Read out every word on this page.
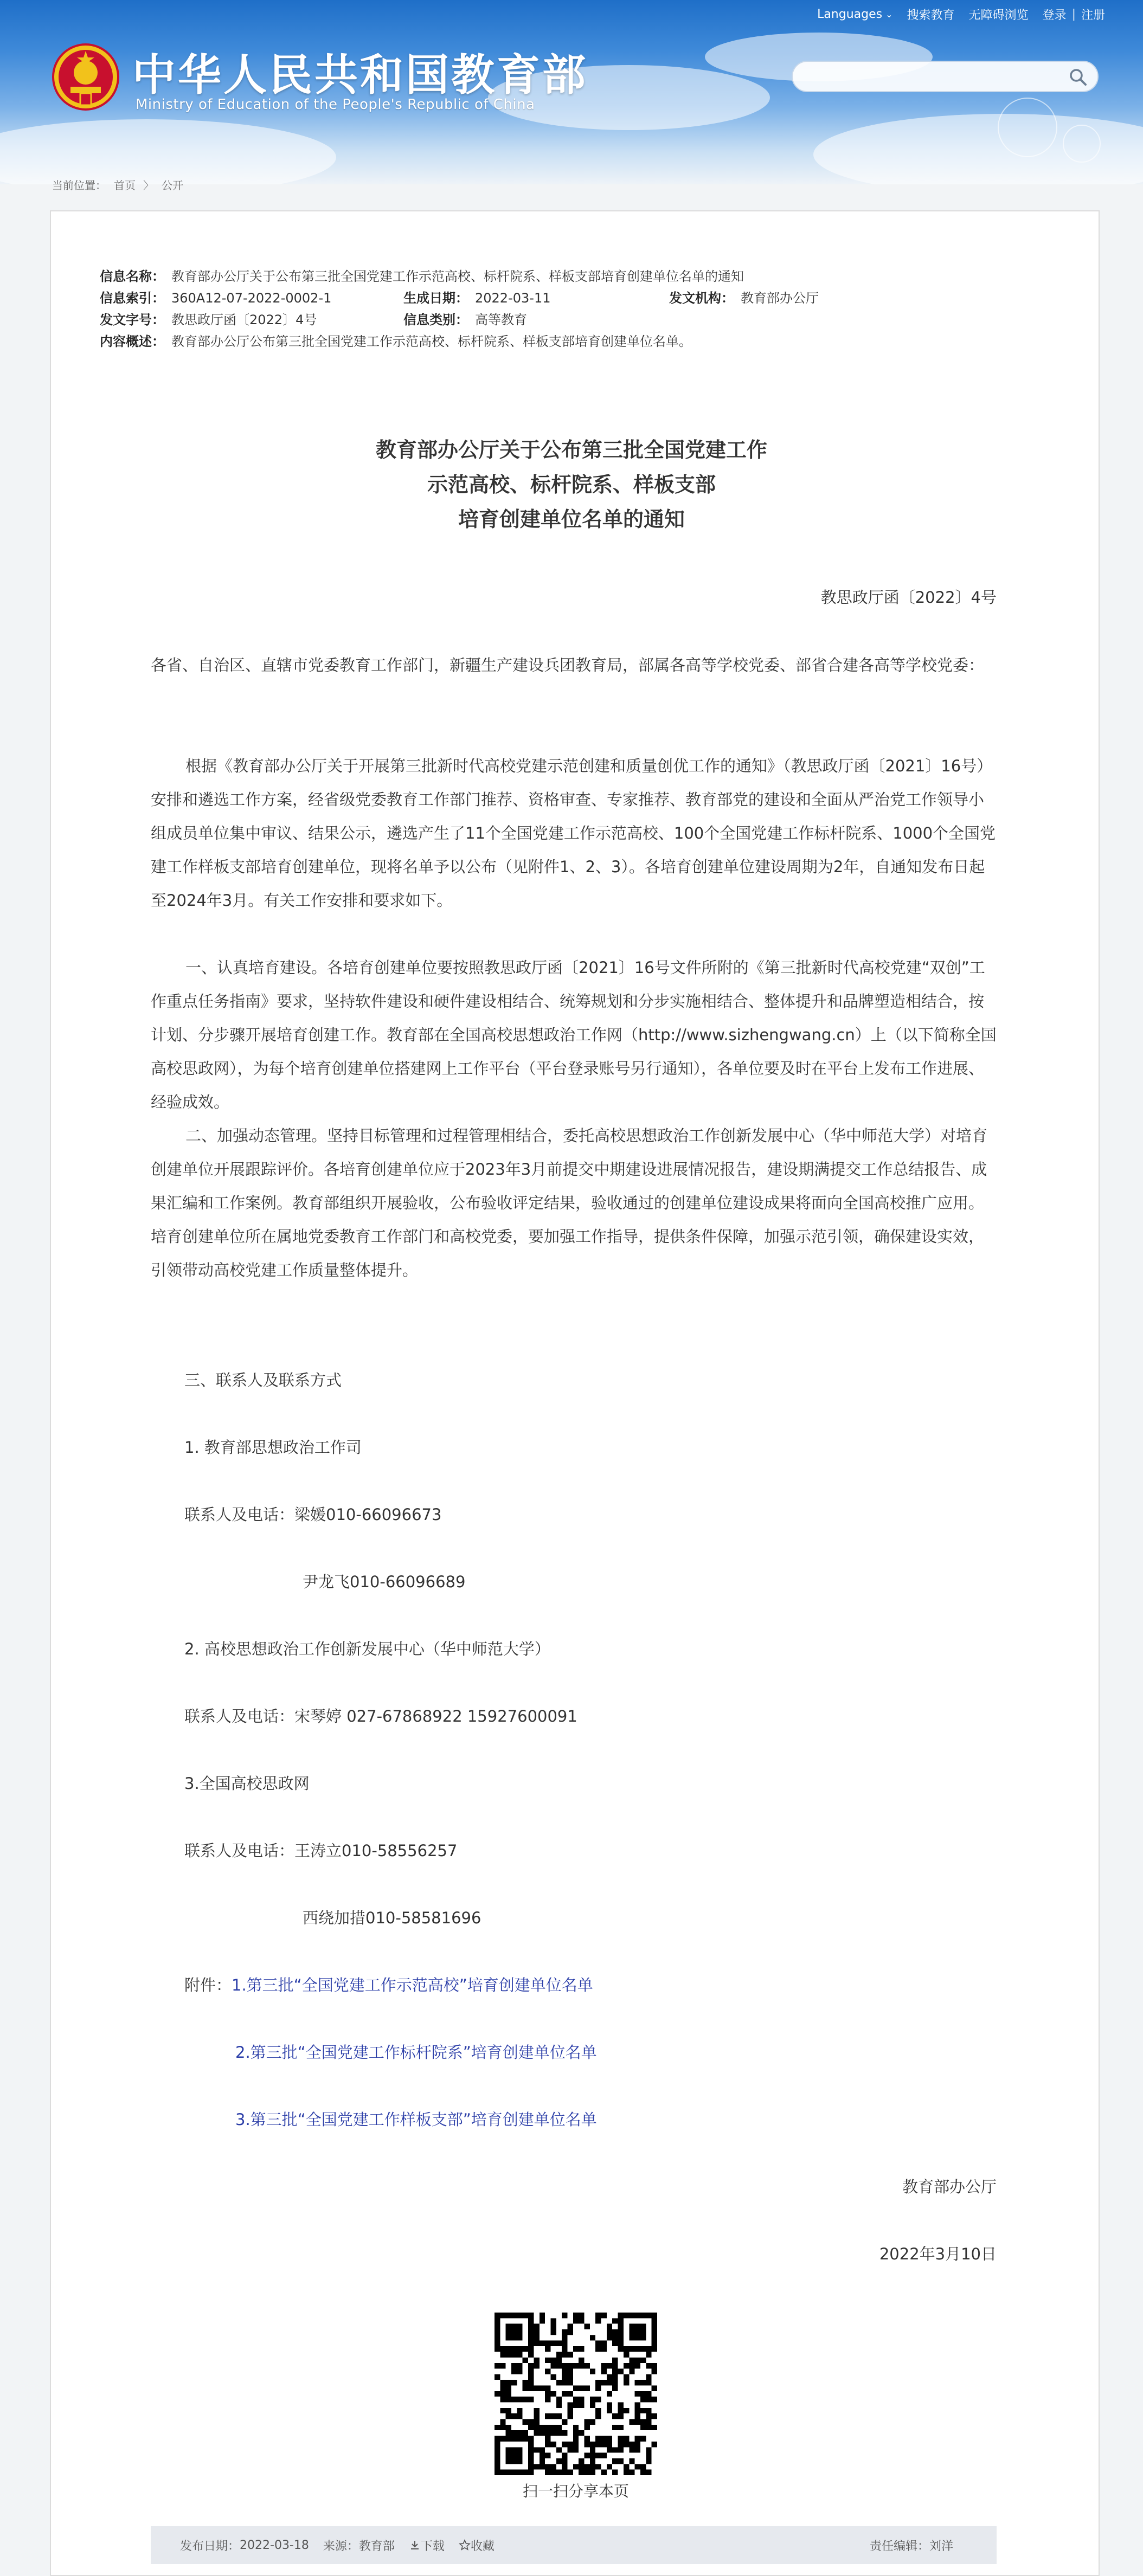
Languages ⌄ 搜索教育 无障碍浏览 登录 | 注册
中华人民共和国教育部
Ministry of Education of the People's Republic of China
当前位置： 首页 〉 公开
信息名称： 教育部办公厅关于公布第三批全国党建工作示范高校、标杆院系、样板支部培育创建单位名单的通知
信息索引： 360A12-07-2022-0002-1	生成日期： 2022-03-11	发文机构： 教育部办公厅
发文字号： 教思政厅函〔2022〕4号	信息类别： 高等教育
内容概述： 教育部办公厅公布第三批全国党建工作示范高校、标杆院系、样板支部培育创建单位名单。
教育部办公厅关于公布第三批全国党建工作
示范高校、标杆院系、样板支部
培育创建单位名单的通知
教思政厅函〔2022〕4号
各省、自治区、直辖市党委教育工作部门，新疆生产建设兵团教育局，部属各高等学校党委、部省合建各高等学校党委：
根据《教育部办公厅关于开展第三批新时代高校党建示范创建和质量创优工作的通知》（教思政厅函〔2021〕16号）安排和遴选工作方案，经省级党委教育工作部门推荐、资格审查、专家推荐、教育部党的建设和全面从严治党工作领导小组成员单位集中审议、结果公示，遴选产生了11个全国党建工作示范高校、100个全国党建工作标杆院系、1000个全国党建工作样板支部培育创建单位，现将名单予以公布（见附件1、2、3）。各培育创建单位建设周期为2年，自通知发布日起至2024年3月。有关工作安排和要求如下。
一、认真培育建设。各培育创建单位要按照教思政厅函〔2021〕16号文件所附的《第三批新时代高校党建“双创”工作重点任务指南》要求，坚持软件建设和硬件建设相结合、统筹规划和分步实施相结合、整体提升和品牌塑造相结合，按计划、分步骤开展培育创建工作。教育部在全国高校思想政治工作网（http://www.sizhengwang.cn）上（以下简称全国高校思政网），为每个培育创建单位搭建网上工作平台（平台登录账号另行通知），各单位要及时在平台上发布工作进展、经验成效。
二、加强动态管理。坚持目标管理和过程管理相结合，委托高校思想政治工作创新发展中心（华中师范大学）对培育创建单位开展跟踪评价。各培育创建单位应于2023年3月前提交中期建设进展情况报告，建设期满提交工作总结报告、成果汇编和工作案例。教育部组织开展验收，公布验收评定结果，验收通过的创建单位建设成果将面向全国高校推广应用。培育创建单位所在属地党委教育工作部门和高校党委，要加强工作指导，提供条件保障，加强示范引领，确保建设实效，引领带动高校党建工作质量整体提升。
三、联系人及联系方式
1. 教育部思想政治工作司
联系人及电话：梁媛010-66096673
尹龙飞010-66096689
2. 高校思想政治工作创新发展中心（华中师范大学）
联系人及电话：宋琴婷 027-67868922 15927600091
3.全国高校思政网
联系人及电话：王涛立010-58556257
西绕加措010-58581696
附件：1.第三批“全国党建工作示范高校”培育创建单位名单
2.第三批“全国党建工作标杆院系”培育创建单位名单
3.第三批“全国党建工作样板支部”培育创建单位名单
教育部办公厅
2022年3月10日
扫一扫分享本页
发布日期： 2022-03-18 来源： 教育部 下载 收藏	责任编辑： 刘洋
